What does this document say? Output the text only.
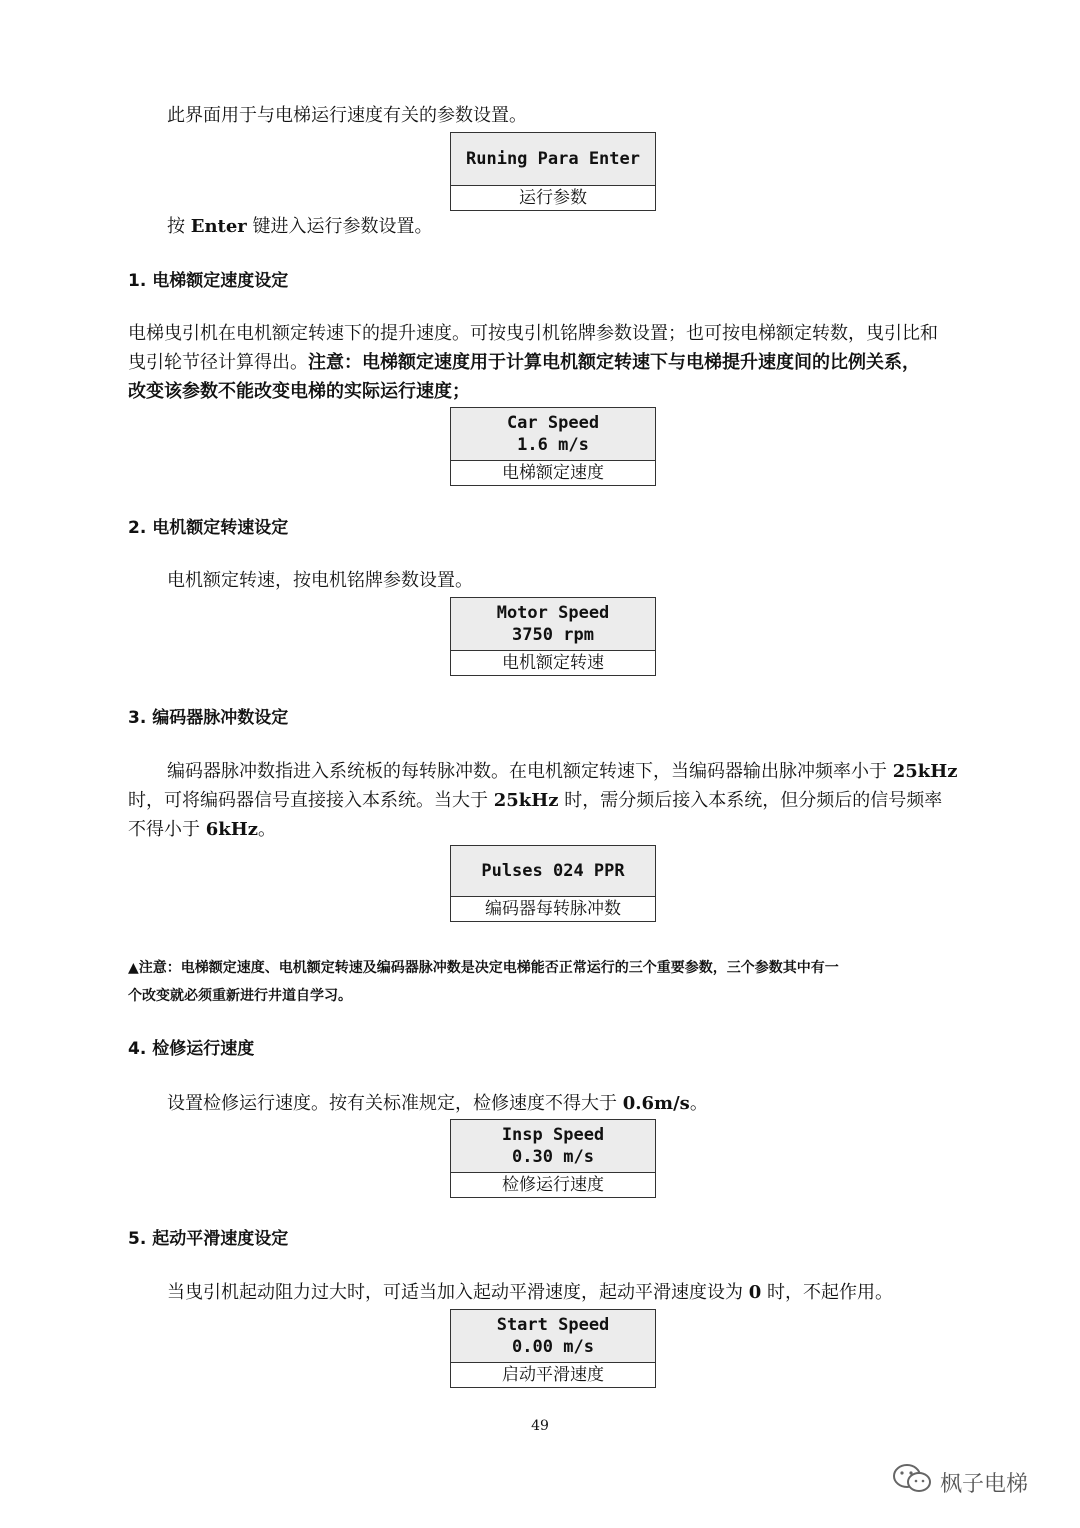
此界面用于与电梯运行速度有关的参数设置。
Runing Para Enter
运行参数
按 Enter 键进入运行参数设置。
1. 电梯额定速度设定
电梯曳引机在电机额定转速下的提升速度。可按曳引机铭牌参数设置；也可按电梯额定转数，曳引比和
曳引轮节径计算得出。注意：电梯额定速度用于计算电机额定转速下与电梯提升速度间的比例关系，
改变该参数不能改变电梯的实际运行速度；
Car Speed
1.6 m/s
电梯额定速度
2. 电机额定转速设定
电机额定转速，按电机铭牌参数设置。
Motor Speed
3750 rpm
电机额定转速
3. 编码器脉冲数设定
编码器脉冲数指进入系统板的每转脉冲数。在电机额定转速下，当编码器输出脉冲频率小于 25kHz
时，可将编码器信号直接接入本系统。当大于 25kHz 时，需分频后接入本系统，但分频后的信号频率
不得小于 6kHz。
Pulses 024 PPR
编码器每转脉冲数
▲注意：电梯额定速度、电机额定转速及编码器脉冲数是决定电梯能否正常运行的三个重要参数，三个参数其中有一
个改变就必须重新进行井道自学习。
4. 检修运行速度
设置检修运行速度。按有关标准规定，检修速度不得大于 0.6m/s。
Insp Speed
0.30 m/s
检修运行速度
5. 起动平滑速度设定
当曳引机起动阻力过大时，可适当加入起动平滑速度，起动平滑速度设为 0 时，不起作用。
Start Speed
0.00 m/s
启动平滑速度
49
枫子电梯
